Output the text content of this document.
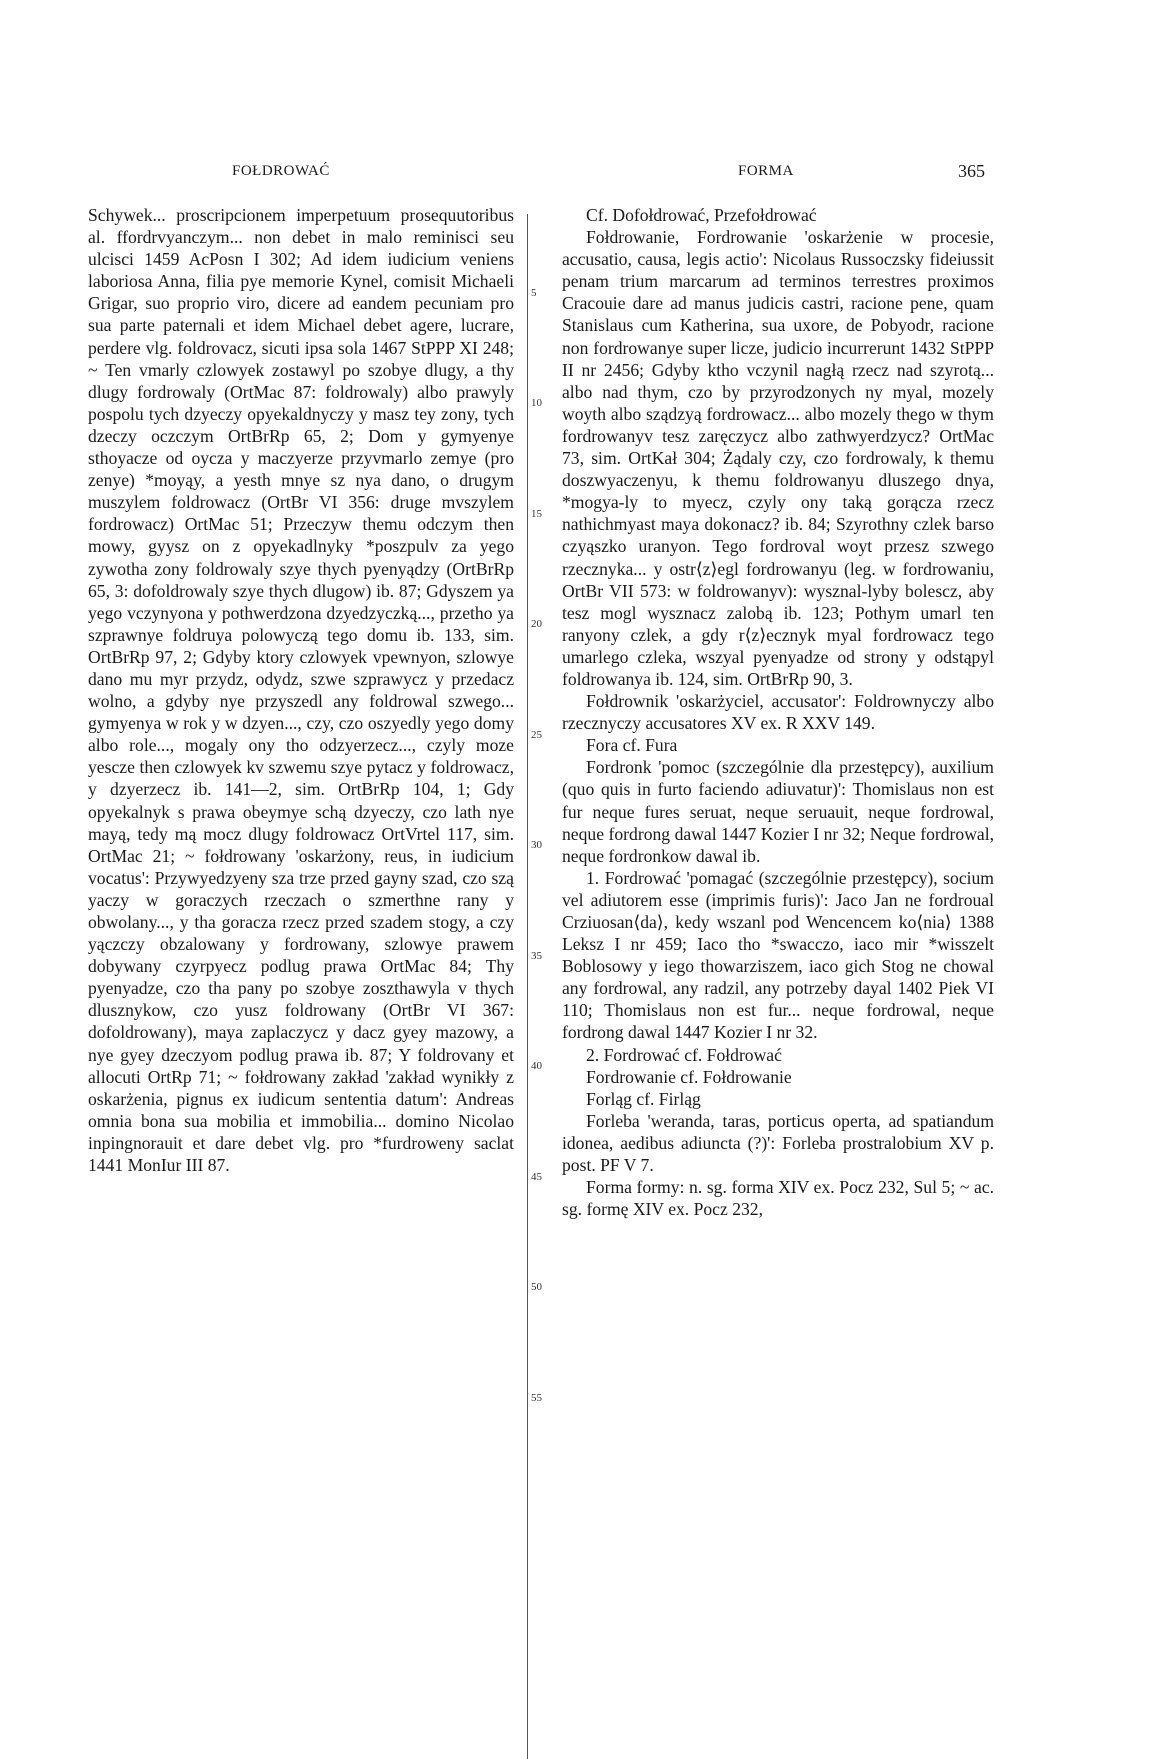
FOŁDROWAĆ	FORMA	365

Schywek... proscripcionem imperpetuum prosequutoribus al. ffordrvyanczym... non debet in malo reminisci seu ulcisci 1459 AcPosn I 302; Ad idem iudicium veniens laboriosa Anna, filia pye memorie Kynel, comisit Michaeli Grigar, suo proprio viro, dicere ad eandem pecuniam pro sua parte paternali et idem Michael debet agere, lucrare, perdere vlg. foldrovacz, sicuti ipsa sola 1467 StPPP XI 248; ~ Ten vmarly czlowyek zostawyl po szobye dlugy, a thy dlugy fordrowaly (OrtMac 87: foldrowaly) albo prawyly pospolu tych dzyeczy opyekaldnyczy y masz tey zony, tych dzeczy oczczym OrtBrRp 65, 2; Dom y gymyenye sthoyacze od oycza y maczyerze przyvmarlo zemye (pro zenye) *moyąy, a yesth mnye sz nya dano, o drugym muszylem foldrowacz (OrtBr VI 356: druge mvszylem fordrowacz) OrtMac 51; Przeczyw themu odczym then mowy, gyysz on z opyekadlnyky *poszpulv za yego zywotha zony foldrowaly szye thych pyenyądzy (OrtBrRp 65, 3: dofoldrowaly szye thych dlugow) ib. 87; Gdyszem ya yego vczynyona y pothwerdzona dzyedzyczką..., przetho ya szprawnye foldruya polowyczą tego domu ib. 133, sim. OrtBrRp 97, 2; Gdyby ktory czlowyek vpewnyon, szlowye dano mu myr przydz, odydz, szwe szprawycz y przedacz wolno, a gdyby nye przyszedl any foldrowal szwego... gymyenya w rok y w dzyen..., czy, czo oszyedly yego domy albo role..., mogaly ony tho odzyerzecz..., czyly moze yescze then czlowyek kv szwemu szye pytacz y foldrowacz, y dzyerzecz ib. 141—2, sim. OrtBrRp 104, 1; Gdy opyekalnyk s prawa obeymye schą dzyeczy, czo lath nye mayą, tedy mą mocz dlugy foldrowacz OrtVrtel 117, sim. OrtMac 21; ~ fołdrowany 'oskarżony, reus, in iudicium vocatus': Przywyedzyeny sza trze przed gayny szad, czo szą yaczy w goraczych rzeczach o szmerthne rany y obwolany..., y tha goracza rzecz przed szadem stogy, a czy yączczy obzalowany y fordrowany, szlowye prawem dobywany czyrpyecz podlug prawa OrtMac 84; Thy pyenyadze, czo tha pany po szobye zoszthawyla v thych dlusznykow, czo yusz foldrowany (OrtBr VI 367: dofoldrowany), maya zaplaczycz y dacz gyey mazowy, a nye gyey dzeczyom podlug prawa ib. 87; Y foldrovany et allocuti OrtRp 71; ~ fołdrowany zakład 'zakład wynikły z oskarżenia, pignus ex iudicum sententia datum': Andreas omnia bona sua mobilia et immobilia... domino Nicolao inpingnorauit et dare debet vlg. pro *furdroweny saclat 1441 MonIur III 87.

5
10
15
20
25
30
35
40
45
50
55

Cf. Dofołdrować, Przefołdrować

Fołdrowanie, Fordrowanie 'oskarżenie w procesie, accusatio, causa, legis actio': Nicolaus Russoczsky fideiussit penam trium marcarum ad terminos terrestres proximos Cracouie dare ad manus judicis castri, racione pene, quam Stanislaus cum Katherina, sua uxore, de Pobyodr, racione non fordrowanye super licze, judicio incurrerunt 1432 StPPP II nr 2456; Gdyby ktho vczynil nagłą rzecz nad szyrotą... albo nad thym, czo by przyrodzonych ny myal, mozely woyth albo sządzyą fordrowacz... albo mozely thego w thym fordrowanyv tesz zaręczycz albo zathwyerdzycz? OrtMac 73, sim. OrtKał 304; Żądaly czy, czo fordrowaly, k themu doszwyaczenyu, k themu foldrowanyu dluszego dnya, *mogya-ly to myecz, czyly ony taką gorącza rzecz nathichmyast maya dokonacz? ib. 84; Szyrothny czlek barso czyąszko uranyon. Tego fordroval woyt przesz szwego rzecznyka... y ostr⟨z⟩egl fordrowanyu (leg. w fordrowaniu, OrtBr VII 573: w foldrowanyv): wysznal-lyby bolescz, aby tesz mogl wysznacz zalobą ib. 123; Pothym umarl ten ranyony czlek, a gdy r⟨z⟩ecznyk myal fordrowacz tego umarlego czleka, wszyal pyenyadze od strony y odstąpyl foldrowanya ib. 124, sim. OrtBrRp 90, 3.

Fołdrownik 'oskarżyciel, accusator': Foldrownyczy albo rzecznyczy accusatores XV ex. R XXV 149.

Fora cf. Fura

Fordronk 'pomoc (szczególnie dla przestępcy), auxilium (quo quis in furto faciendo adiuvatur)': Thomislaus non est fur neque fures seruat, neque seruauit, neque fordrowal, neque fordrong dawal 1447 Kozier I nr 32; Neque fordrowal, neque fordronkow dawal ib.

1. Fordrować 'pomagać (szczególnie przestępcy), socium vel adiutorem esse (imprimis furis)': Jaco Jan ne fordroual Crziuosan⟨da⟩, kedy wszanl pod Wencencem ko⟨nia⟩ 1388 Leksz I nr 459; Iaco tho *swacczo, iaco mir *wisszelt Boblosowy y iego thowarziszem, iaco gich Stog ne chowal any fordrowal, any radzil, any potrzeby dayal 1402 Piek VI 110; Thomislaus non est fur... neque fordrowal, neque fordrong dawal 1447 Kozier I nr 32.

2. Fordrować cf. Fołdrować

Fordrowanie cf. Fołdrowanie

Forląg cf. Firląg

Forleba 'weranda, taras, porticus operta, ad spatiandum idonea, aedibus adiuncta (?)': Forleba prostralobium XV p. post. PF V 7.

Forma formy: n. sg. forma XIV ex. Pocz 232, Sul 5; ~ ac. sg. formę XIV ex. Pocz 232,
